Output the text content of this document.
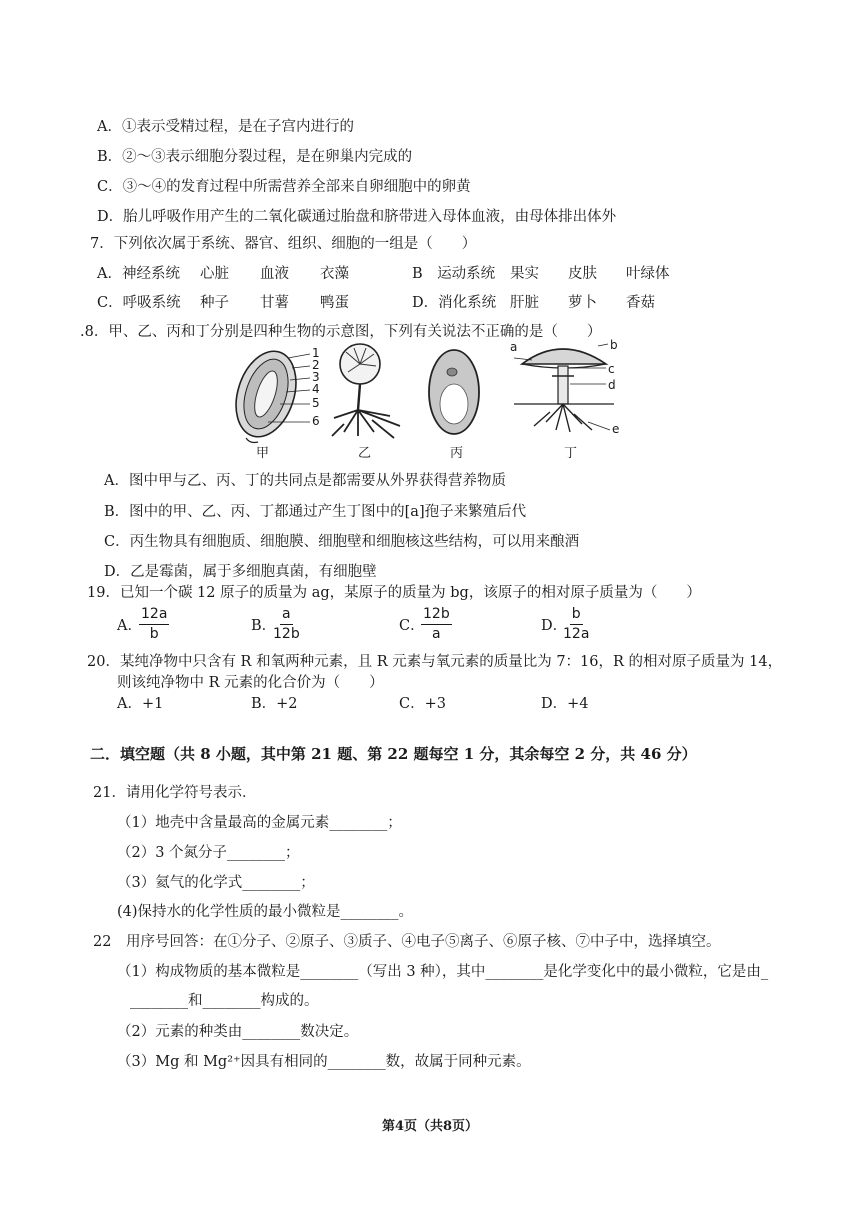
A．①表示受精过程，是在子宫内进行的
B．②～③表示细胞分裂过程，是在卵巢内完成的
C．③～④的发育过程中所需营养全部来自卵细胞中的卵黄
D．胎儿呼吸作用产生的二氧化碳通过胎盘和脐带进入母体血液，由母体排出体外
7．下列依次属于系统、器官、组织、细胞的一组是（　　）
A．神经系统 心脏 血液 衣藻	B　运动系统 果实 皮肤 叶绿体
C．呼吸系统 种子 甘薯 鸭蛋	D．消化系统 肝脏 萝卜 香菇
.8．甲、乙、丙和丁分别是四种生物的示意图，下列有关说法不正确的是（　　）
1
2
3
4
5
6
a	b
c
d
e
甲	乙	丙	丁
A．图中甲与乙、丙、丁的共同点是都需要从外界获得营养物质
B．图中的甲、乙、丙、丁都通过产生丁图中的[a]孢子来繁殖后代
C．丙生物具有细胞质、细胞膜、细胞壁和细胞核这些结构，可以用来酿酒
D．乙是霉菌，属于多细胞真菌，有细胞壁
19．已知一个碳 12 原子的质量为 ag，某原子的质量为 bg，该原子的相对原子质量为（　　）
A．
$\frac{12a}{b}$	B．
$\frac{a}{12b}$	C．
$\frac{12b}{a}$	D．
$\frac{b}{12a}$
20．某纯净物中只含有 R 和氧两种元素，且 R 元素与氧元素的质量比为 7：16，R 的相对原子质量为 14，
则该纯净物中 R 元素的化合价为（　　）
A．+1	B．+2	C．+3	D．+4
二．填空题（共 8 小题，其中第 21 题、第 22 题每空 1 分，其余每空 2 分，共 46 分）
21．请用化学符号表示．
（1）地壳中含量最高的金属元素________；
（2）3 个氮分子________；
（3）氦气的化学式________；
(4)保持水的化学性质的最小微粒是________。
22　用序号回答：在①分子、②原子、③质子、④电子⑤离子、⑥原子核、⑦中子中，选择填空。
（1）构成物质的基本微粒是________（写出 3 种），其中________是化学变化中的最小微粒，它是由_
________和________构成的。
（2）元素的种类由________数决定。
（3）Mg 和 Mg²⁺因具有相同的________数，故属于同种元素。
第4页（共8页）
